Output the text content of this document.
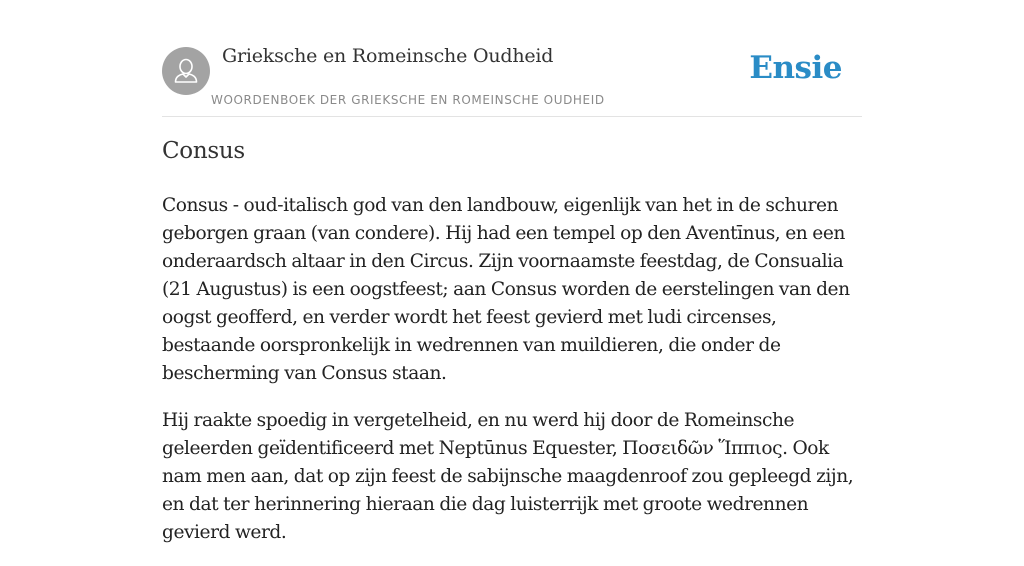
Grieksche en Romeinsche Oudheid
WOORDENBOEK DER GRIEKSCHE EN ROMEINSCHE OUDHEID
Ensie
Consus

Consus - oud-italisch god van den landbouw, eigenlijk van het in de schuren geborgen graan (van condere). Hij had een tempel op den Aventīnus, en een onderaardsch altaar in den Circus. Zijn voornaamste feestdag, de Consualia (21 Augustus) is een oogstfeest; aan Consus worden de eerstelingen van den oogst geofferd, en verder wordt het feest gevierd met ludi circenses, bestaande oorspronkelijk in wedrennen van muildieren, die onder de bescherming van Consus staan.

Hij raakte spoedig in vergetelheid, en nu werd hij door de Romeinsche geleerden geïdentificeerd met Neptūnus Equester, Ποσειδῶν Ἵππιος. Ook nam men aan, dat op zijn feest de sabijnsche maagdenroof zou gepleegd zijn, en dat ter herinnering hieraan die dag luisterrijk met groote wedrennen gevierd werd.
